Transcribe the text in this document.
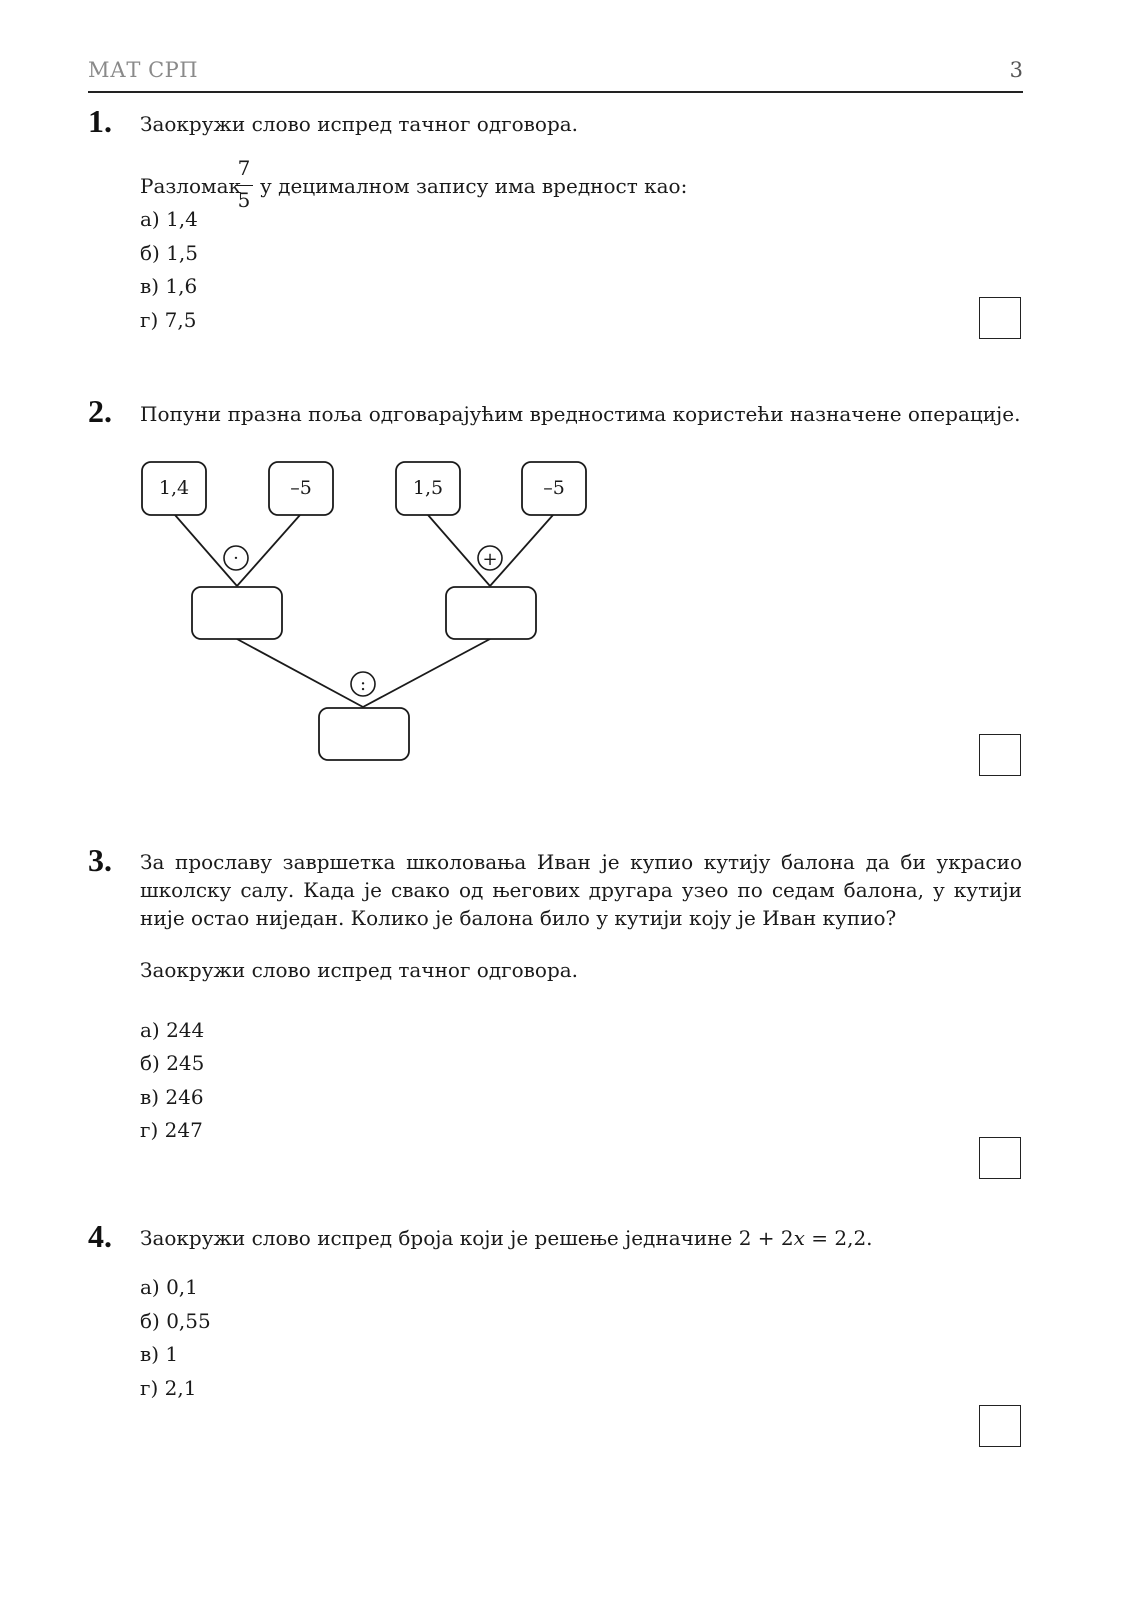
МАТ СРП	3
1. Заокружи слово испред тачног одговора.
Разломак
7
5
у децималном запису има вредност као:
а) 1,4
б) 1,5
в) 1,6
г) 7,5
2. Попуни празна поља одговарајућим вредностима користећи назначене операције.
1,4	–5	1,5	–5
·	+
:
3. За прославу завршетка школовања Иван је купио кутију балона да би украсио школску салу. Када је свако од његових другара узео по седам балона, у кутији није остао ниједан. Колико је балона било у кутији коју је Иван купио?
Заокружи слово испред тачног одговора.
а) 244
б) 245
в) 246
г) 247
4. Заокружи слово испред броја који је решење једначине 2 + 2x = 2,2.
а) 0,1
б) 0,55
в) 1
г) 2,1
